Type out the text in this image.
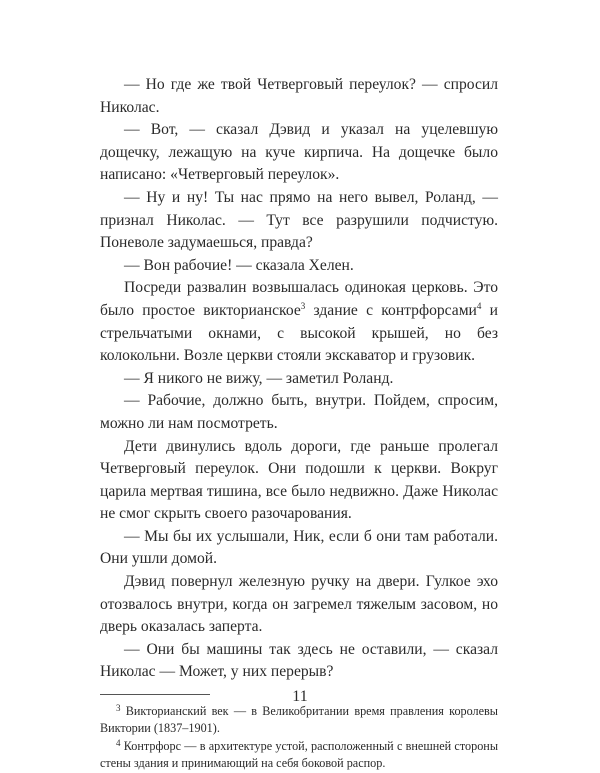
— Но где же твой Четверговый переулок? — спросил Николас.

— Вот, — сказал Дэвид и указал на уцелевшую дощечку, лежащую на куче кирпича. На дощечке было написано: «Четверговый переулок».

— Ну и ну! Ты нас прямо на него вывел, Роланд, — признал Николас. — Тут все разрушили подчистую. Поневоле задумаешься, правда?

— Вон рабочие! — сказала Хелен.

Посреди развалин возвышалась одинокая церковь. Это было простое викторианское$^3$ здание с контрфорсами$^4$ и стрельчатыми окнами, с высокой крышей, но без колокольни. Возле церкви стояли экскаватор и грузовик.

— Я никого не вижу, — заметил Роланд.

— Рабочие, должно быть, внутри. Пойдем, спросим, можно ли нам посмотреть.

Дети двинулись вдоль дороги, где раньше пролегал Четверговый переулок. Они подошли к церкви. Вокруг царила мертвая тишина, все было недвижно. Даже Николас не смог скрыть своего разочарования.

— Мы бы их услышали, Ник, если б они там работали. Они ушли домой.

Дэвид повернул железную ручку на двери. Гулкое эхо отозвалось внутри, когда он загремел тяжелым засовом, но дверь оказалась заперта.

— Они бы машины так здесь не оставили, — сказал Николас — Может, у них перерыв?

$^3$ Викторианский век — в Великобритании время правления королевы Виктории (1837–1901).

$^4$ Контрфорс — в архитектуре устой, расположенный с внешней стороны стены здания и принимающий на себя боковой распор.

11
